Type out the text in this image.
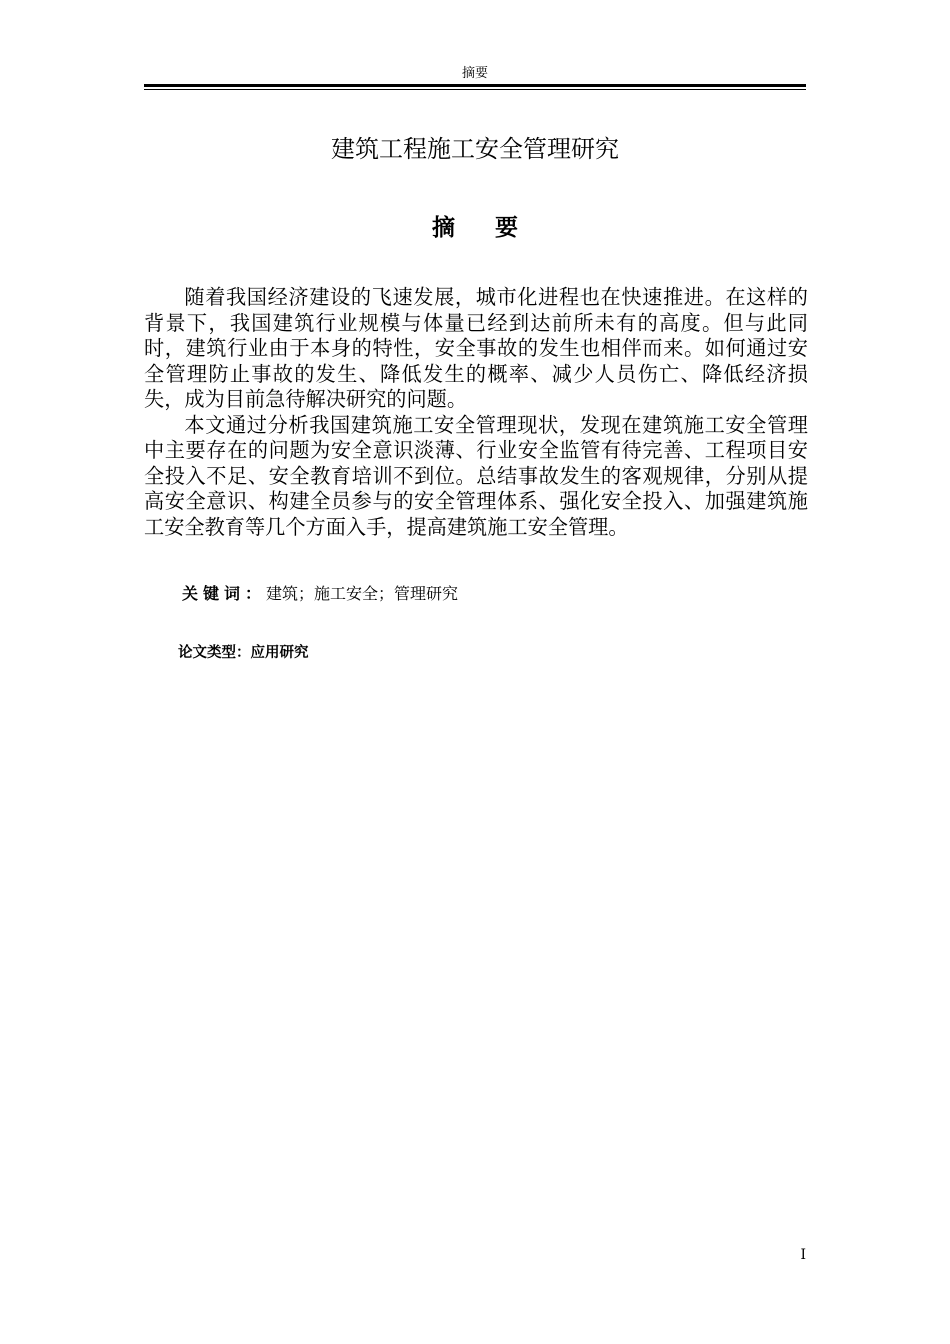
摘要
建筑工程施工安全管理研究
摘 要

随着我国经济建设的飞速发展，城市化进程也在快速推进。在这样的背景下，我国建筑行业规模与体量已经到达前所未有的高度。但与此同时，建筑行业由于本身的特性，安全事故的发生也相伴而来。如何通过安全管理防止事故的发生、降低发生的概率、减少人员伤亡、降低经济损失，成为目前急待解决研究的问题。

本文通过分析我国建筑施工安全管理现状，发现在建筑施工安全管理中主要存在的问题为安全意识淡薄、行业安全监管有待完善、工程项目安全投入不足、安全教育培训不到位。总结事故发生的客观规律，分别从提高安全意识、构建全员参与的安全管理体系、强化安全投入、加强建筑施工安全教育等几个方面入手，提高建筑施工安全管理。

关键词：建筑；施工安全；管理研究
论文类型：应用研究
I
